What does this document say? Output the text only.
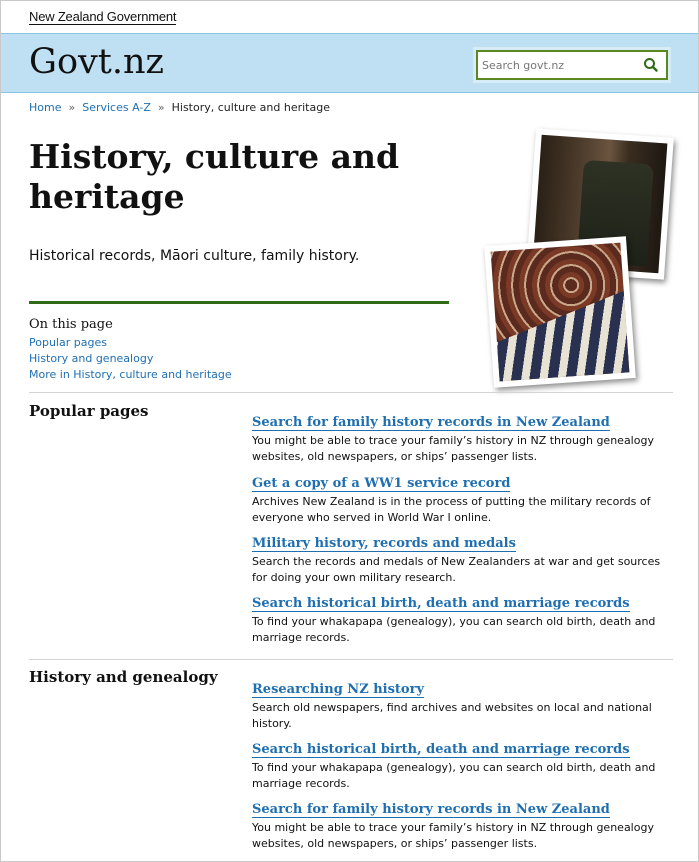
New Zealand Government
Govt.nz
Search govt.nz
Home » Services A-Z » History, culture and heritage
History, culture and heritage
Historical records, Māori culture, family history.
On this page
Popular pages
History and genealogy
More in History, culture and heritage
Popular pages
Search for family history records in New Zealand

You might be able to trace your family’s history in NZ through genealogy websites, old newspapers, or ships’ passenger lists.

Get a copy of a WW1 service record

Archives New Zealand is in the process of putting the military records of everyone who served in World War I online.

Military history, records and medals

Search the records and medals of New Zealanders at war and get sources for doing your own military research.

Search historical birth, death and marriage records

To find your whakapapa (genealogy), you can search old birth, death and marriage records.

History and genealogy
Researching NZ history

Search old newspapers, find archives and websites on local and national history.

Search historical birth, death and marriage records

To find your whakapapa (genealogy), you can search old birth, death and marriage records.

Search for family history records in New Zealand

You might be able to trace your family’s history in NZ through genealogy websites, old newspapers, or ships’ passenger lists.
